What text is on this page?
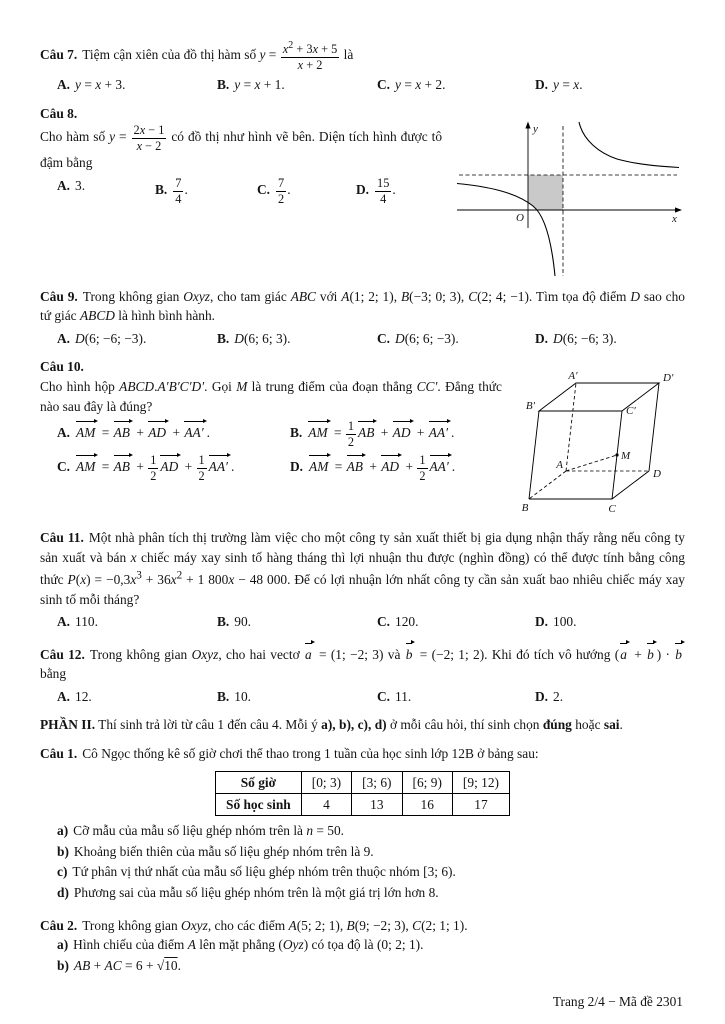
Câu 7. Tiệm cận xiên của đồ thị hàm số $y = \frac{x^2 + 3x + 5}{x + 2}$ là

A. y = x + 3.	B. y = x + 1.	C. y = x + 2.	D. y = x.

Câu 8.

Cho hàm số $y = \frac{2x - 1}{x - 2}$ có đồ thị như hình vẽ bên. Diện tích hình được tô đậm bằng

A. 3.	B. $\frac{7}{4}$ .	C. $\frac{7}{2}$ .	D. $\frac{15}{4}$ .
y
x
O

Câu 9. Trong không gian Oxyz, cho tam giác ABC với A(1; 2; 1), B(−3; 0; 3), C(2; 4; −1). Tìm tọa độ điểm D sao cho tứ giác ABCD là hình bình hành.

A. D(6; −6; −3).	B. D(6; 6; 3).	C. D(6; 6; −3).	D. D(6; −6; 3).

Câu 10.

Cho hình hộp ABCD.A′B′C′D′. Gọi M là trung điểm của đoạn thẳng CC′. Đẳng thức nào sau đây là đúng?

A. AM = AB + AD + AA′ .	B. AM = $\frac{1}{2}$ AB + AD + AA′ .
C. AM = AB + $\frac{1}{2}$ AD + $\frac{1}{2} AA'$ .	D. AM = AB + AD + $\frac{1}{2} AA'$ .
A′	D′
B′	C′
A
D
B	C
M

Câu 11. Một nhà phân tích thị trường làm việc cho một công ty sản xuất thiết bị gia dụng nhận thấy rằng nếu công ty sản xuất và bán x chiếc máy xay sinh tố hàng tháng thì lợi nhuận thu được (nghìn đồng) có thể được tính bằng công thức $P(x) = -0,3x^3 + 36x^2 + 1$ 800x − 48 000. Để có lợi nhuận lớn nhất công ty cần sản xuất bao nhiêu chiếc máy xay sinh tố mỗi tháng?

A. 110.	B. 90.	C. 120.	D. 100.

Câu 12. Trong không gian Oxyz, cho hai vectơ a = (1; −2; 3) và b = (−2; 1; 2). Khi đó tích vô hướng (a + b ) · b bằng

A. 12.	B. 10.	C. 11.	D. 2.

PHẦN II. Thí sinh trả lời từ câu 1 đến câu 4. Mỗi ý a), b), c), d) ở mỗi câu hỏi, thí sinh chọn đúng hoặc sai.

Câu 1. Cô Ngọc thống kê số giờ chơi thể thao trong 1 tuần của học sinh lớp 12B ở bảng sau:

Số giờ	[0; 3)	[3; 6)	[6; 9)	[9; 12)
Số học sinh	4	13	16	17
a) Cỡ mẫu của mẫu số liệu ghép nhóm trên là n = 50.
b) Khoảng biến thiên của mẫu số liệu ghép nhóm trên là 9.
c) Tứ phân vị thứ nhất của mẫu số liệu ghép nhóm trên thuộc nhóm [3; 6).
d) Phương sai của mẫu số liệu ghép nhóm trên là một giá trị lớn hơn 8.

Câu 2. Trong không gian Oxyz, cho các điểm A(5; 2; 1), B(9; −2; 3), C(2; 1; 1).

a) Hình chiếu của điểm A lên mặt phẳng (Oyz) có tọa độ là (0; 2; 1).
b) AB + AC = 6 + √10.
Trang 2/4 − Mã đề 2301
